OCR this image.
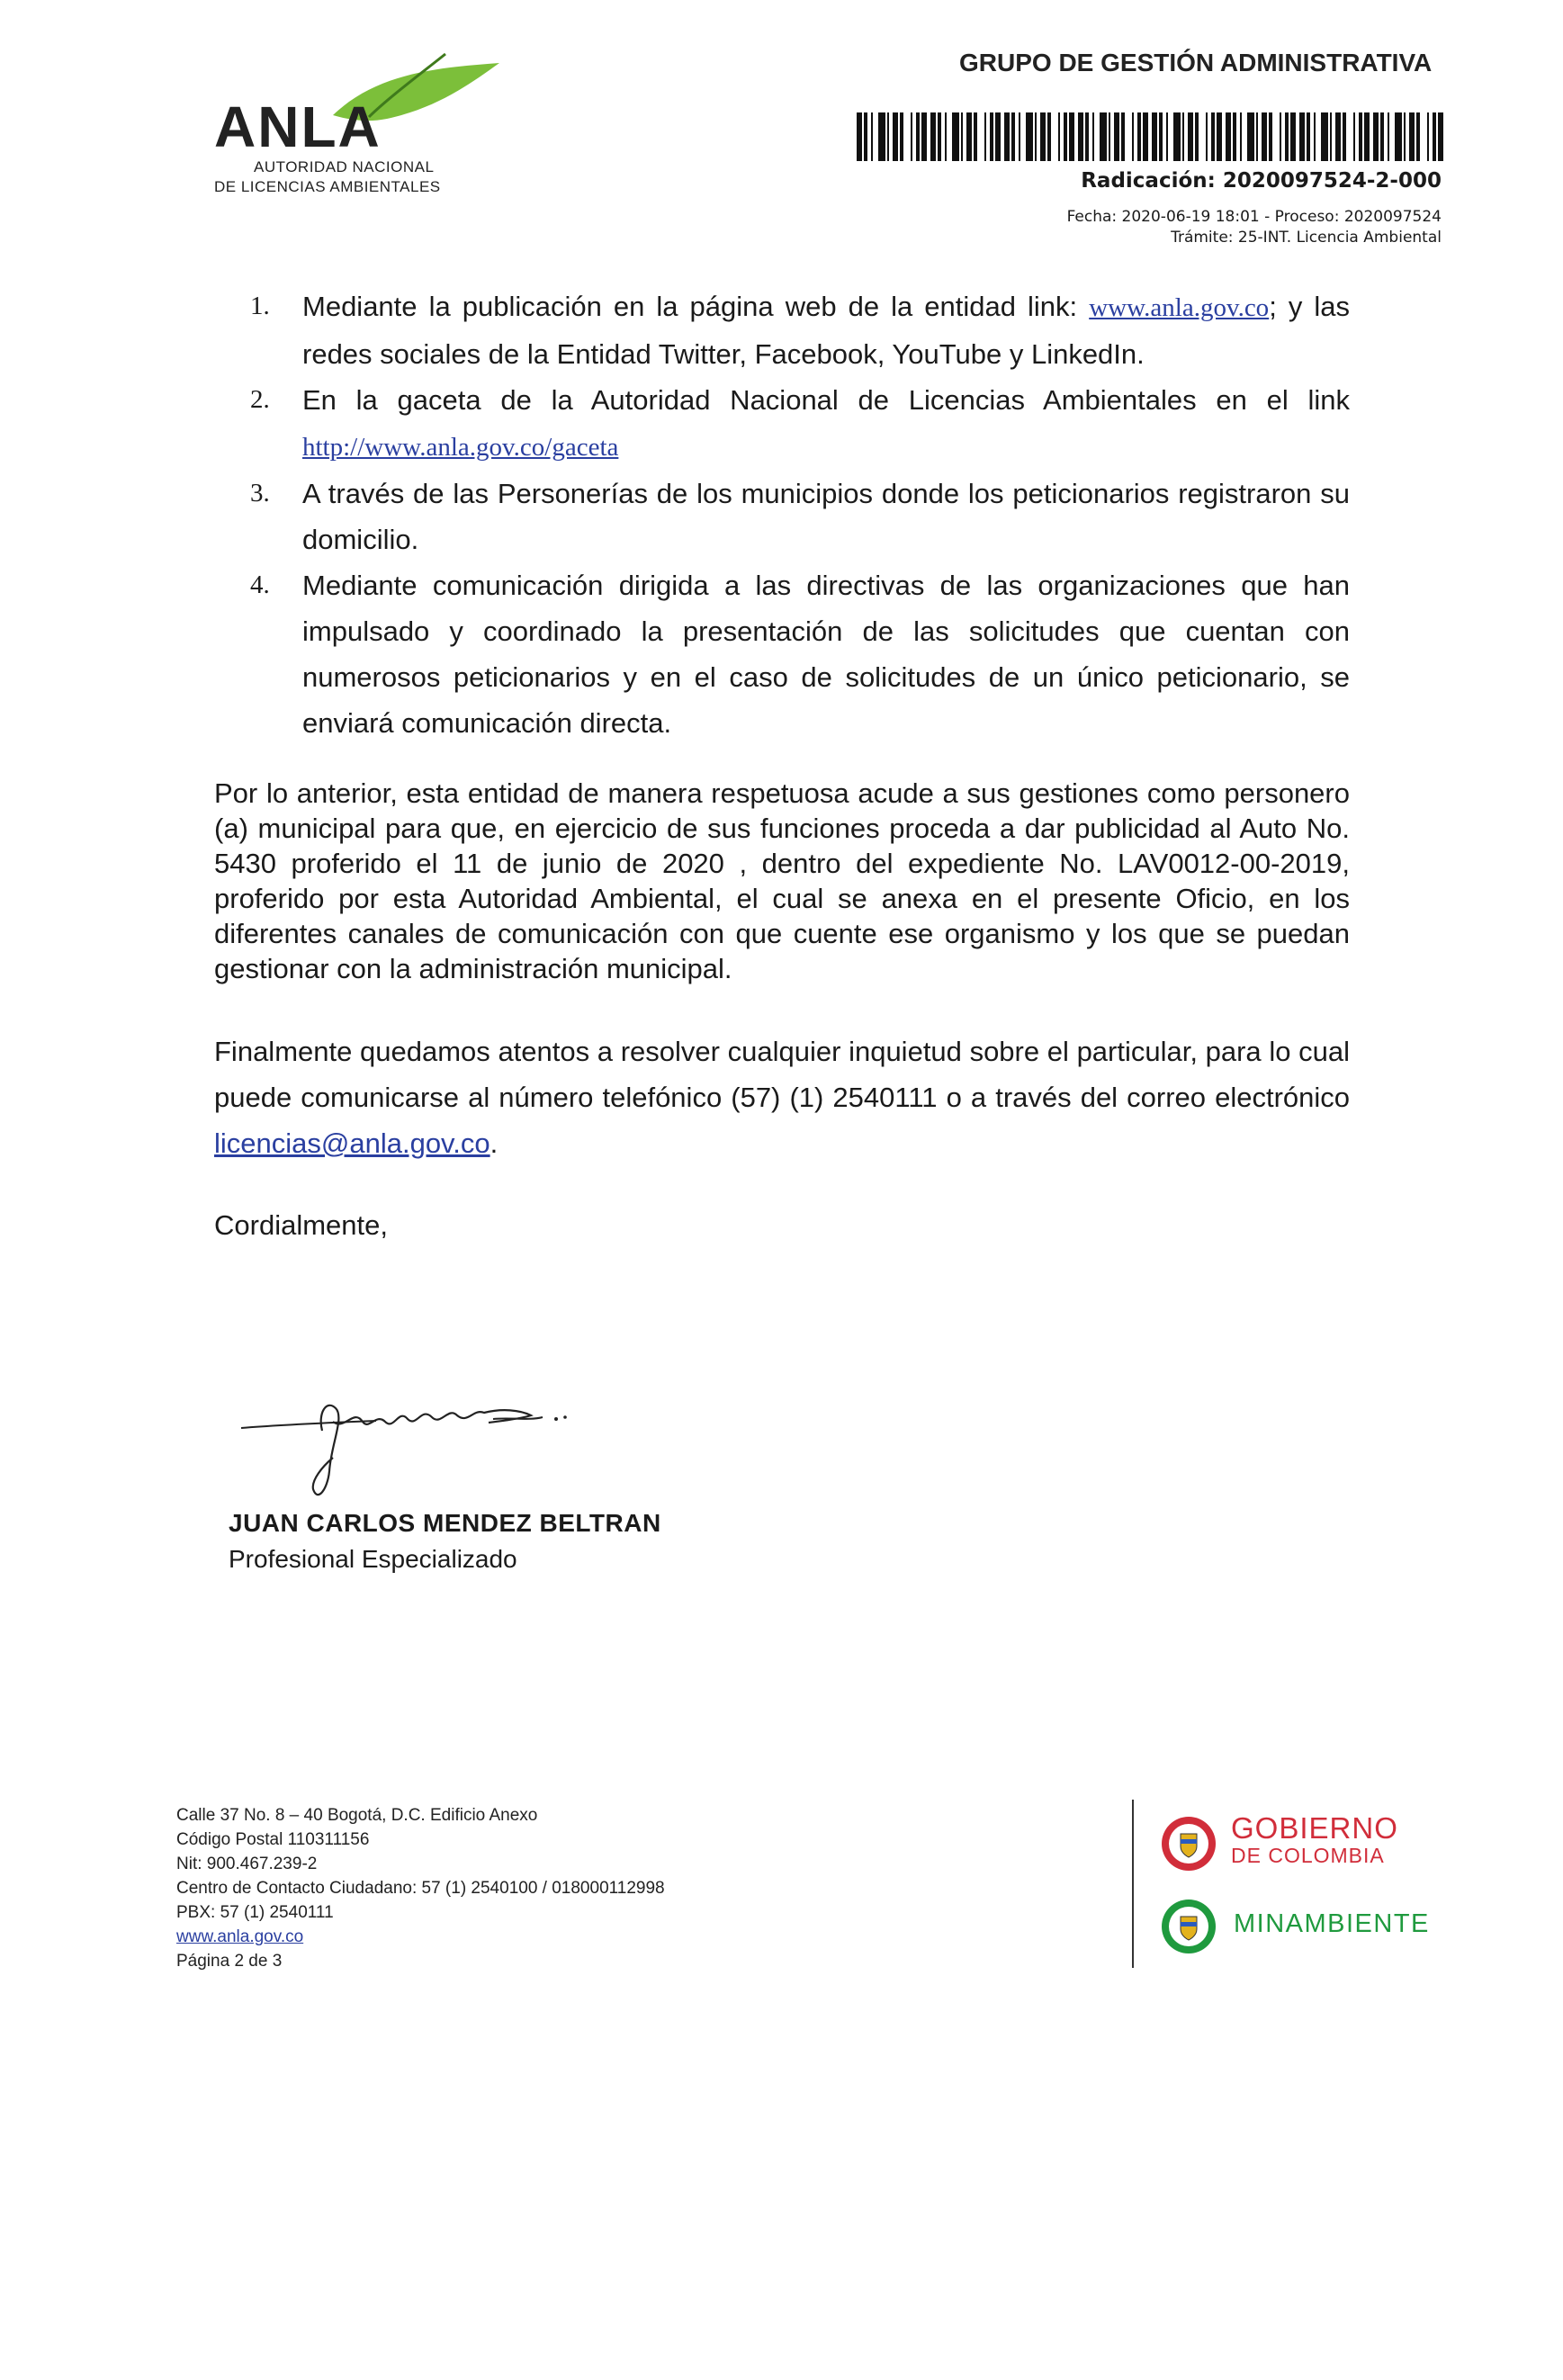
ANLA
AUTORIDAD NACIONAL
DE LICENCIAS AMBIENTALES
GRUPO DE GESTIÓN ADMINISTRATIVA
Radicación: 2020097524-2-000
Fecha: 2020-06-19 18:01 - Proceso: 2020097524
Trámite: 25-INT. Licencia Ambiental
1. Mediante la publicación en la página web de la entidad link: www.anla.gov.co; y las redes sociales de la Entidad Twitter, Facebook, YouTube y LinkedIn.
2. En la gaceta de la Autoridad Nacional de Licencias Ambientales en el link http://www.anla.gov.co/gaceta
3. A través de las Personerías de los municipios donde los peticionarios registraron su domicilio.
4. Mediante comunicación dirigida a las directivas de las organizaciones que han impulsado y coordinado la presentación de las solicitudes que cuentan con numerosos peticionarios y en el caso de solicitudes de un único peticionario, se enviará comunicación directa.
Por lo anterior, esta entidad de manera respetuosa acude a sus gestiones como personero (a) municipal para que, en ejercicio de sus funciones proceda a dar publicidad al Auto No. 5430 proferido el 11 de junio de 2020 , dentro del expediente No. LAV0012-00-2019, proferido por esta Autoridad Ambiental, el cual se anexa en el presente Oficio, en los diferentes canales de comunicación con que cuente ese organismo y los que se puedan gestionar con la administración municipal.
Finalmente quedamos atentos a resolver cualquier inquietud sobre el particular, para lo cual puede comunicarse al número telefónico (57) (1) 2540111 o a través del correo electrónico licencias@anla.gov.co.
Cordialmente,
JUAN CARLOS MENDEZ BELTRAN
Profesional Especializado
Calle 37 No. 8 – 40 Bogotá, D.C. Edificio Anexo
Código Postal 110311156
Nit: 900.467.239-2
Centro de Contacto Ciudadano: 57 (1) 2540100 / 018000112998
PBX: 57 (1) 2540111
www.anla.gov.co
Página 2 de 3
GOBIERNO
DE COLOMBIA
MINAMBIENTE
